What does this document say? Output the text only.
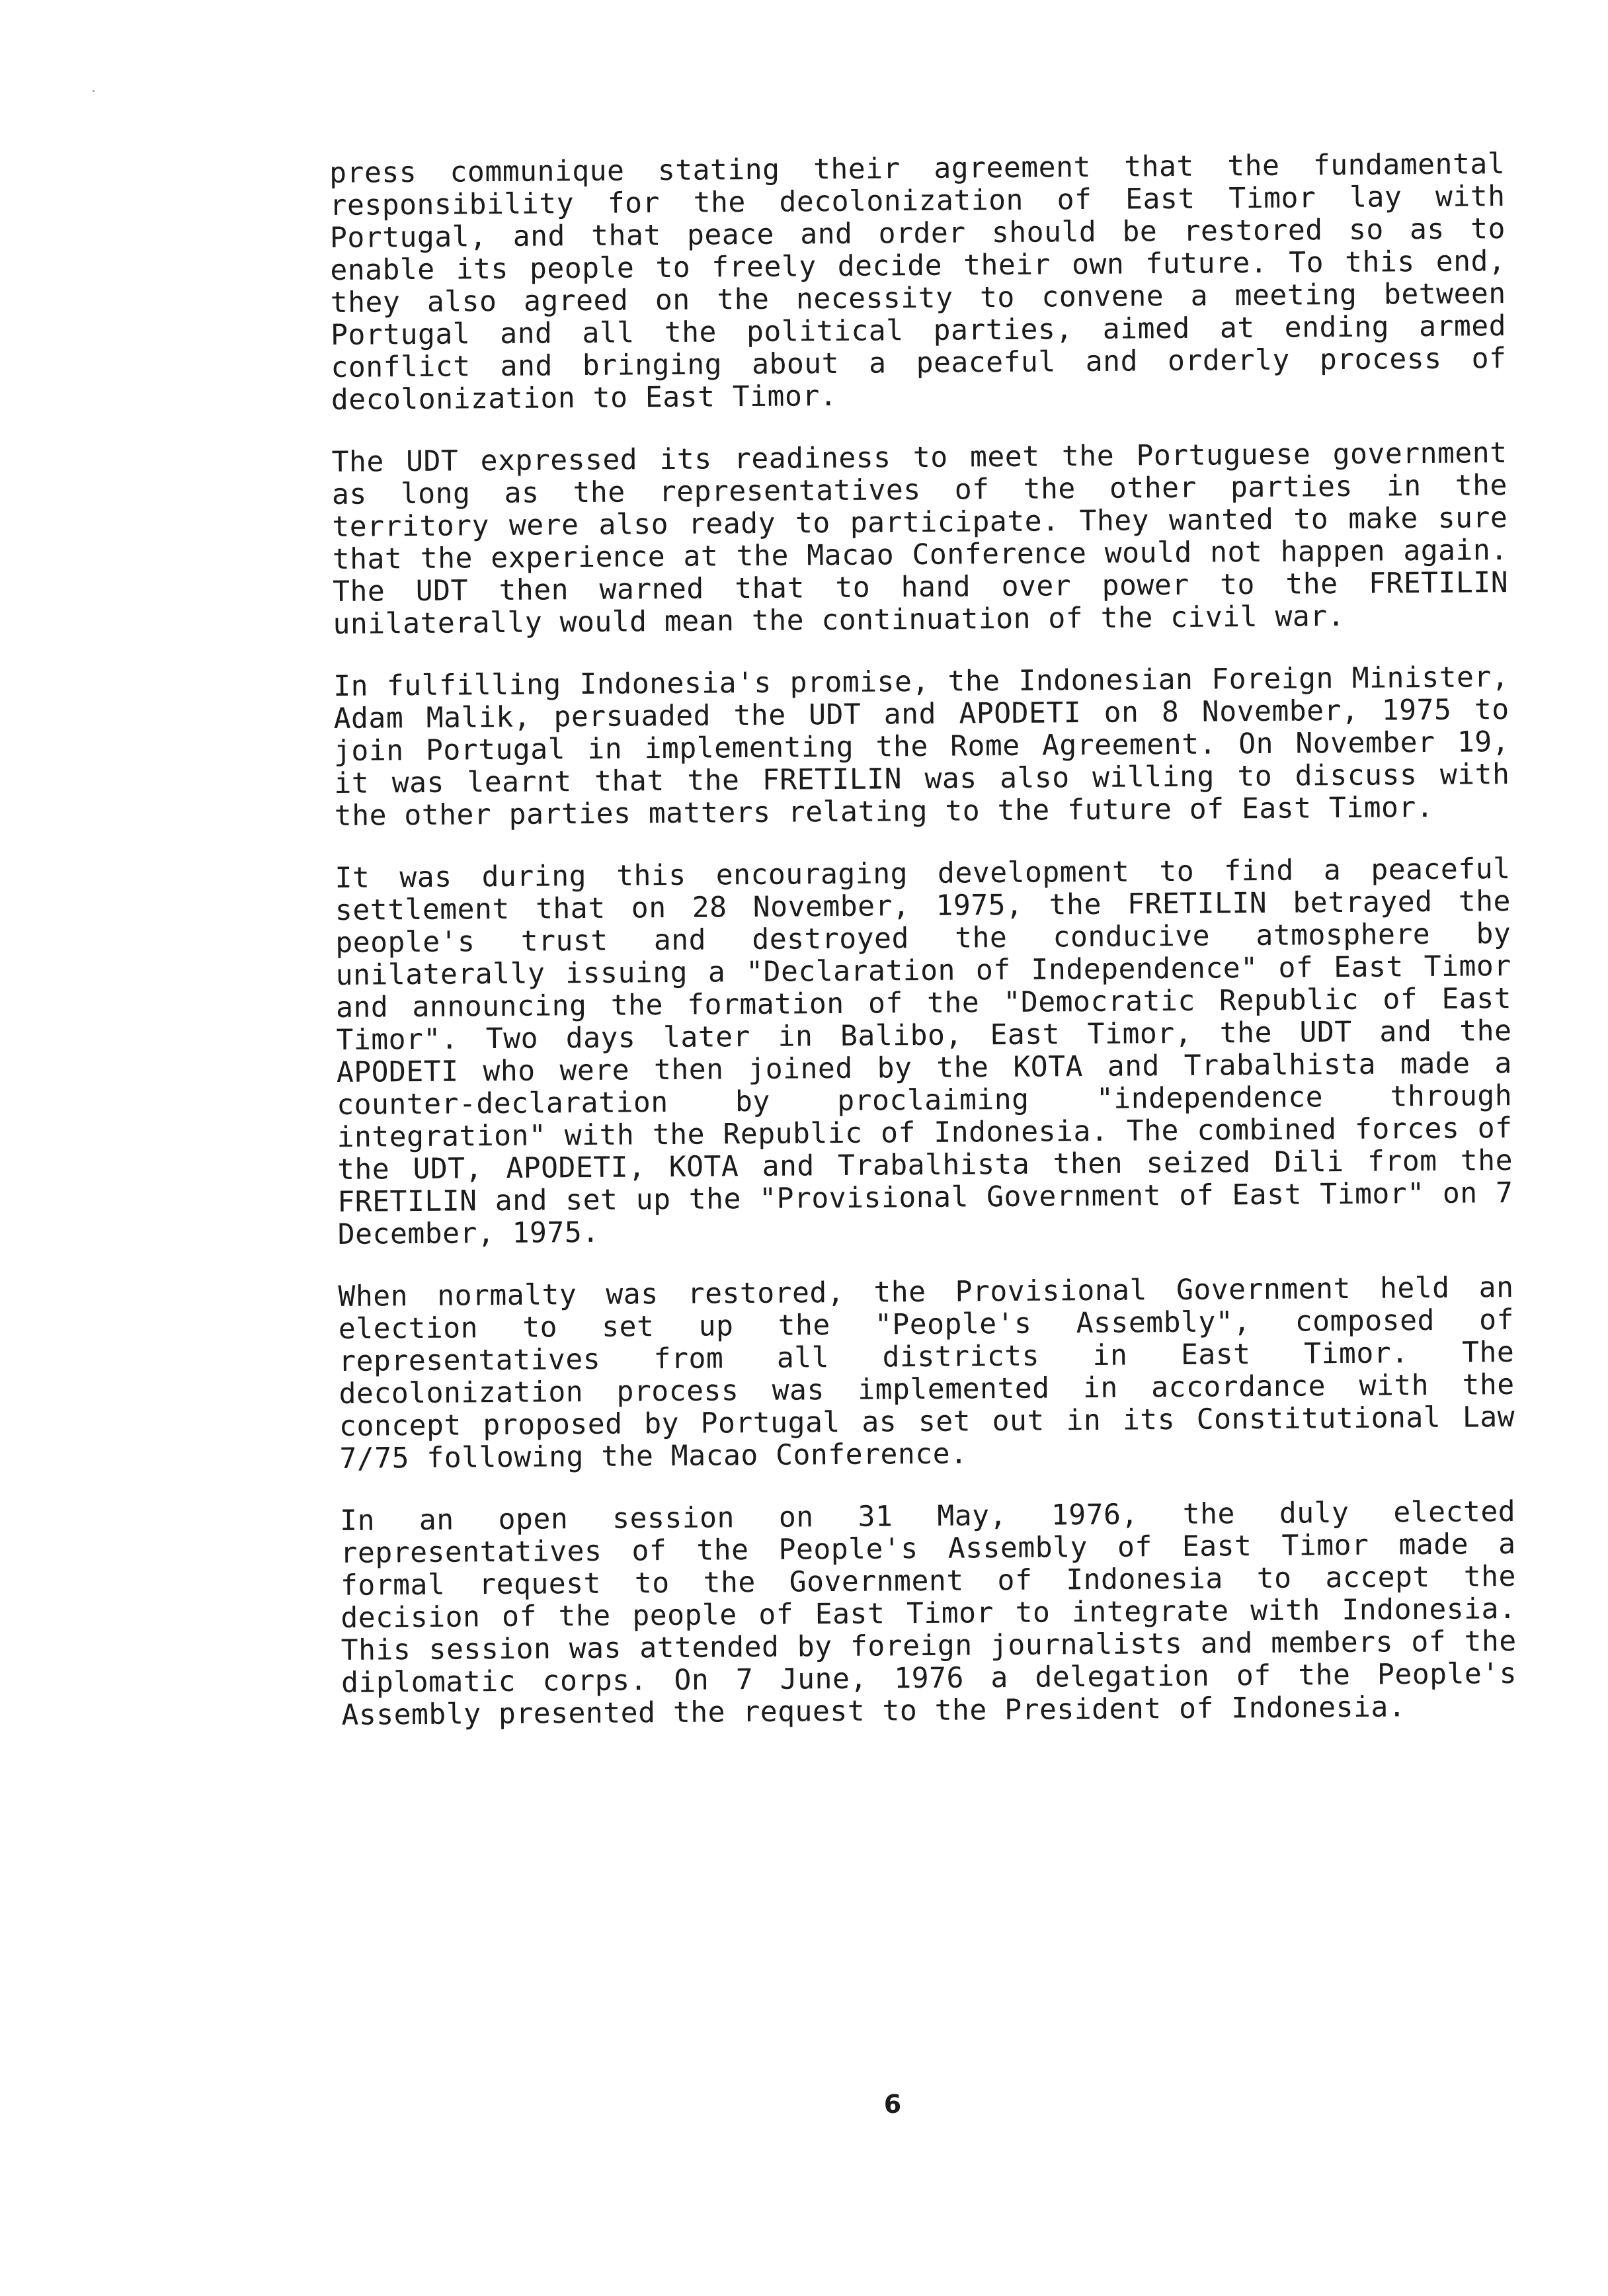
press communique stating their agreement that the fundamental responsibility for the decolonization of East Timor lay with Portugal, and that peace and order should be restored so as to enable its people to freely decide their own future. To this end, they also agreed on the necessity to convene a meeting between Portugal and all the political parties, aimed at ending armed conflict and bringing about a peaceful and orderly process of decolonization to East Timor.

The UDT expressed its readiness to meet the Portuguese government as long as the representatives of the other parties in the territory were also ready to participate. They wanted to make sure that the experience at the Macao Conference would not happen again. The UDT then warned that to hand over power to the FRETILIN unilaterally would mean the continuation of the civil war.

In fulfilling Indonesia's promise, the Indonesian Foreign Minister, Adam Malik, persuaded the UDT and APODETI on 8 November, 1975 to join Portugal in implementing the Rome Agreement. On November 19, it was learnt that the FRETILIN was also willing to discuss with the other parties matters relating to the future of East Timor.

It was during this encouraging development to find a peaceful settlement that on 28 November, 1975, the FRETILIN betrayed the people's trust and destroyed the conducive atmosphere by unilaterally issuing a "Declaration of Independence" of East Timor and announcing the formation of the "Democratic Republic of East Timor". Two days later in Balibo, East Timor, the UDT and the APODETI who were then joined by the KOTA and Trabalhista made a counter-declaration by proclaiming "independence through integration" with the Republic of Indonesia. The combined forces of the UDT, APODETI, KOTA and Trabalhista then seized Dili from the FRETILIN and set up the "Provisional Government of East Timor" on 7 December, 1975.

When normalty was restored, the Provisional Government held an election to set up the "People's Assembly", composed of representatives from all districts in East Timor. The decolonization process was implemented in accordance with the concept proposed by Portugal as set out in its Constitutional Law 7/75 following the Macao Conference.

In an open session on 31 May, 1976, the duly elected representatives of the People's Assembly of East Timor made a formal request to the Government of Indonesia to accept the decision of the people of East Timor to integrate with Indonesia. This session was attended by foreign journalists and members of the diplomatic corps. On 7 June, 1976 a delegation of the People's Assembly presented the request to the President of Indonesia.

6
